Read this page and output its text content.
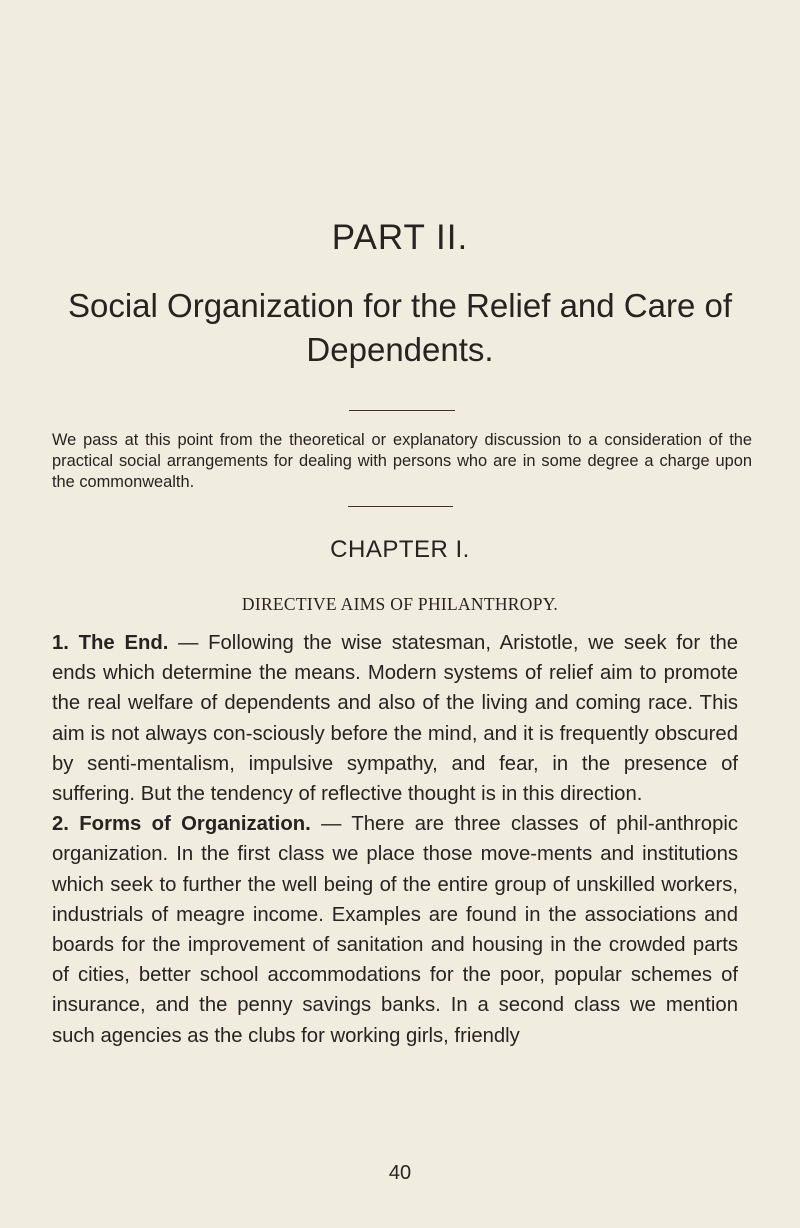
PART II.
Social Organization for the Relief and Care of Dependents.
We pass at this point from the theoretical or explanatory discussion to a consideration of the practical social arrangements for dealing with persons who are in some degree a charge upon the commonwealth.
CHAPTER I.
DIRECTIVE AIMS OF PHILANTHROPY.

1. The End. — Following the wise statesman, Aristotle, we seek for the ends which determine the means. Modern systems of relief aim to promote the real welfare of dependents and also of the living and coming race. This aim is not always con-sciously before the mind, and it is frequently obscured by senti-mentalism, impulsive sympathy, and fear, in the presence of suffering. But the tendency of reflective thought is in this direction.

2. Forms of Organization. — There are three classes of phil-anthropic organization. In the first class we place those move-ments and institutions which seek to further the well being of the entire group of unskilled workers, industrials of meagre income. Examples are found in the associations and boards for the improvement of sanitation and housing in the crowded parts of cities, better school accommodations for the poor, popular schemes of insurance, and the penny savings banks. In a second class we mention such agencies as the clubs for working girls, friendly

40
